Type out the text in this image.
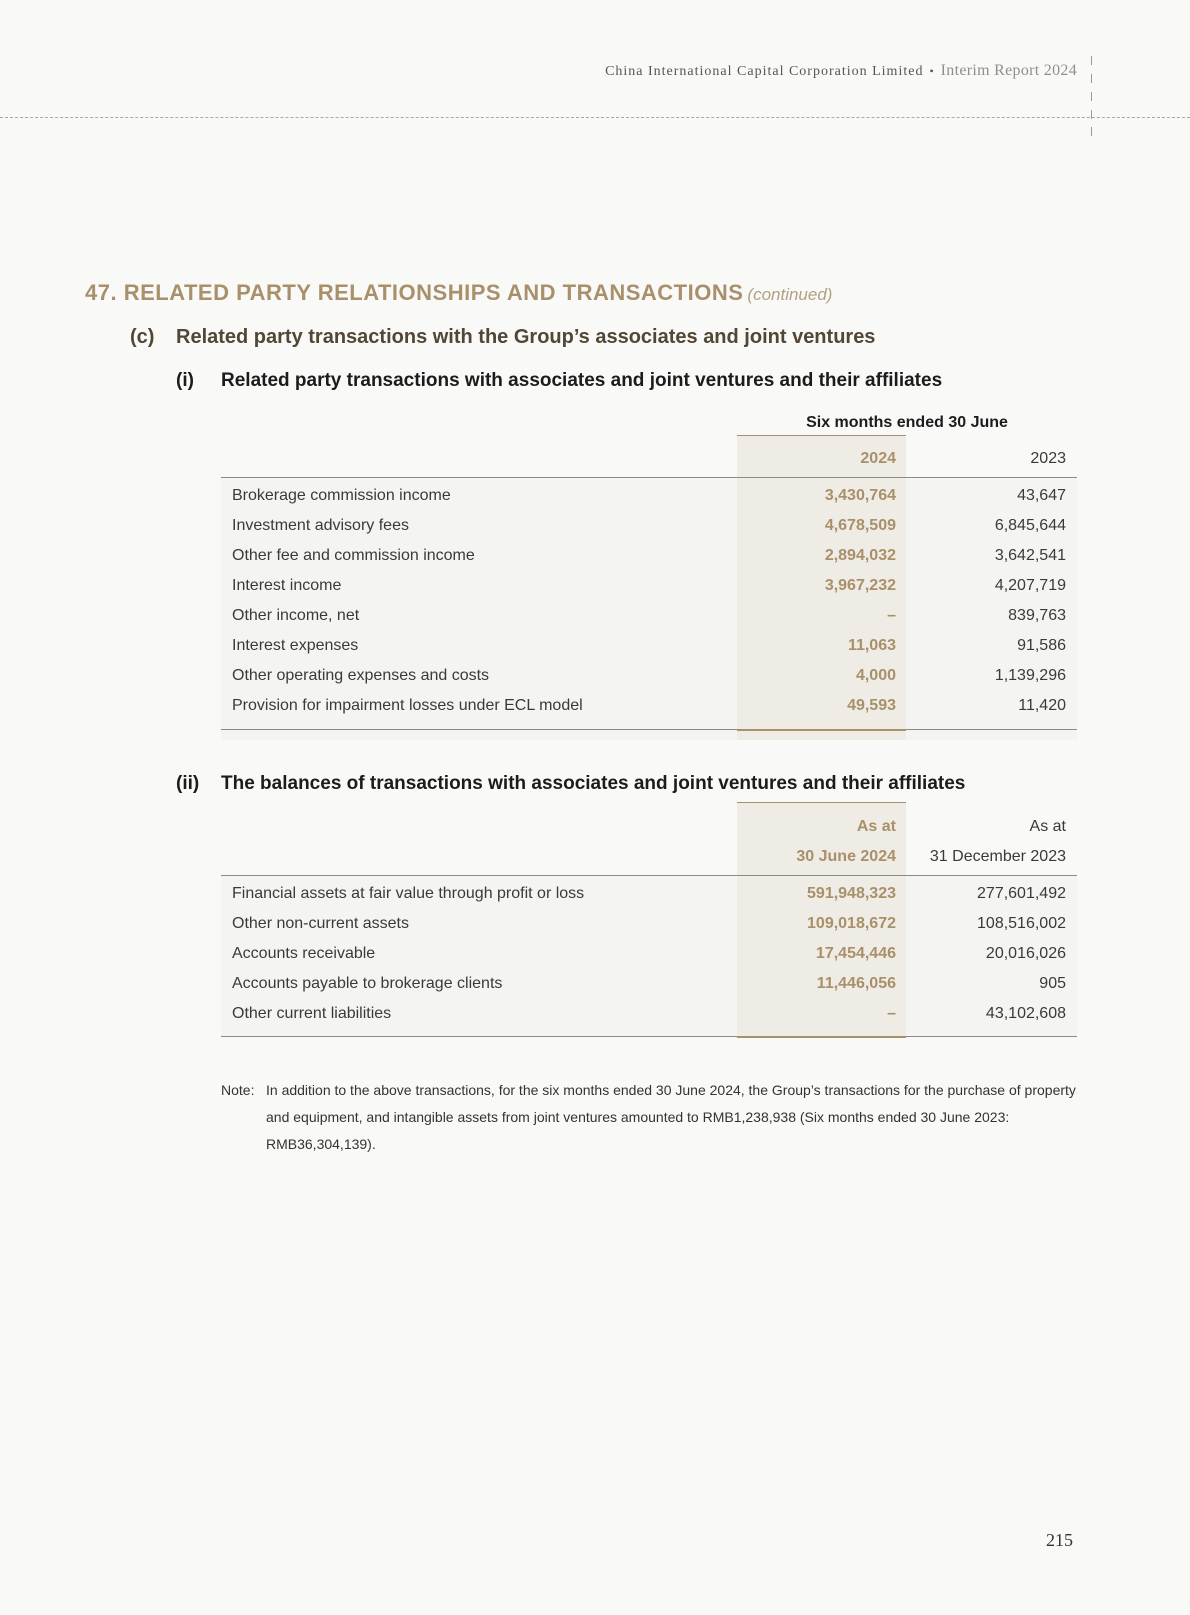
China International Capital Corporation Limited • Interim Report 2024
47. RELATED PARTY RELATIONSHIPS AND TRANSACTIONS (continued)
(c) Related party transactions with the Group’s associates and joint ventures
(i) Related party transactions with associates and joint ventures and their affiliates
Six months ended 30 June
2024	2023
Brokerage commission income	3,430,764	43,647
Investment advisory fees	4,678,509	6,845,644
Other fee and commission income	2,894,032	3,642,541
Interest income	3,967,232	4,207,719
Other income, net	–	839,763
Interest expenses	11,063	91,586
Other operating expenses and costs	4,000	1,139,296
Provision for impairment losses under ECL model	49,593	11,420
(ii) The balances of transactions with associates and joint ventures and their affiliates
As at
30 June 2024
As at
31 December 2023
Financial assets at fair value through profit or loss	591,948,323	277,601,492
Other non-current assets	109,018,672	108,516,002
Accounts receivable	17,454,446	20,016,026
Accounts payable to brokerage clients	11,446,056	905
Other current liabilities	–	43,102,608
Note: In addition to the above transactions, for the six months ended 30 June 2024, the Group’s transactions for the purchase of property and equipment, and intangible assets from joint ventures amounted to RMB1,238,938 (Six months ended 30 June 2023: RMB36,304,139).
215
